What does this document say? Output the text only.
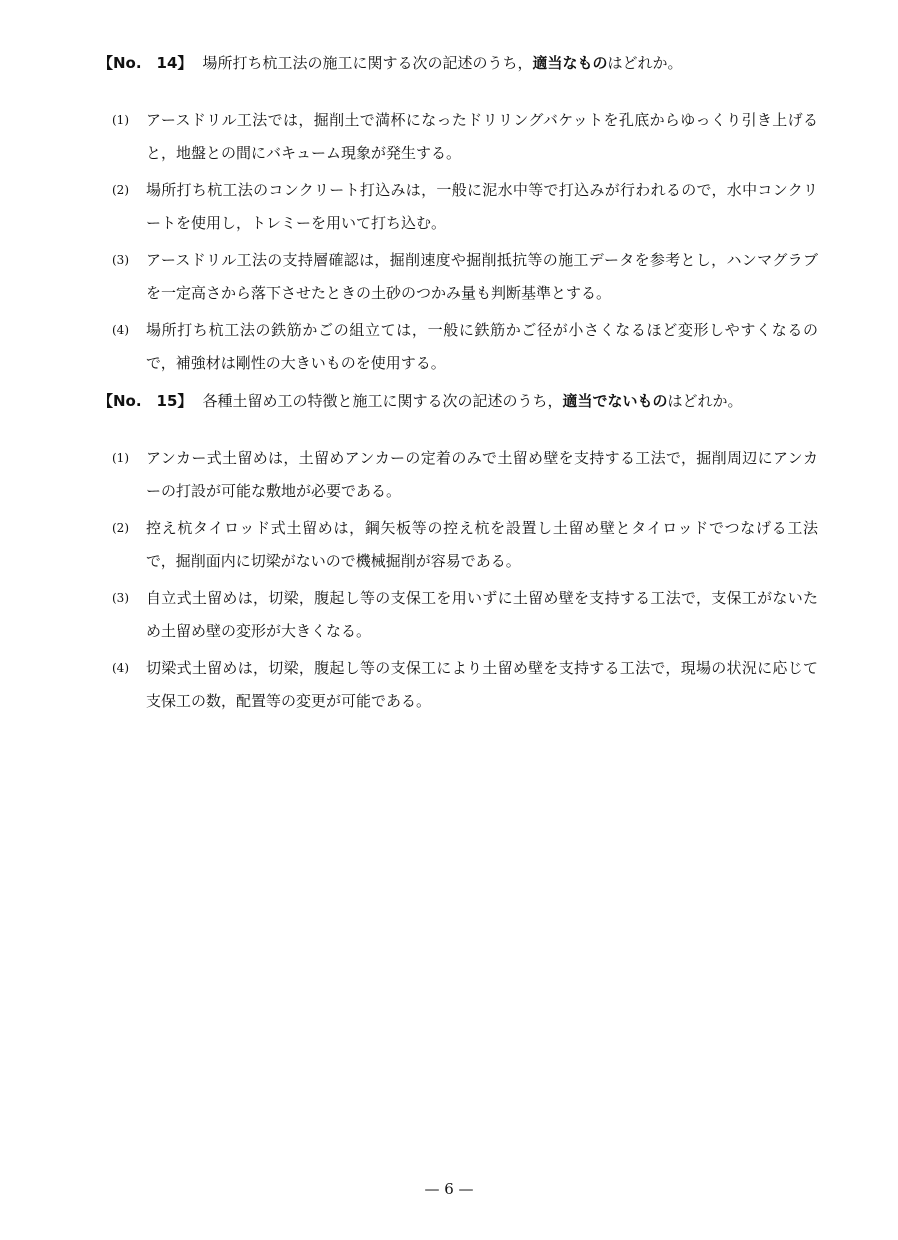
【No.　14】 場所打ち杭工法の施工に関する次の記述のうち，適当なものはどれか。
(1) アースドリル工法では，掘削土で満杯になったドリリングバケットを孔底からゆっくり引き上げると，地盤との間にバキューム現象が発生する。
(2) 場所打ち杭工法のコンクリート打込みは，一般に泥水中等で打込みが行われるので，水中コンクリートを使用し，トレミーを用いて打ち込む。
(3) アースドリル工法の支持層確認は，掘削速度や掘削抵抗等の施工データを参考とし，ハンマグラブを一定高さから落下させたときの土砂のつかみ量も判断基準とする。
(4) 場所打ち杭工法の鉄筋かごの組立ては，一般に鉄筋かご径が小さくなるほど変形しやすくなるので，補強材は剛性の大きいものを使用する。
【No.　15】 各種土留め工の特徴と施工に関する次の記述のうち，適当でないものはどれか。
(1) アンカー式土留めは，土留めアンカーの定着のみで土留め壁を支持する工法で，掘削周辺にアンカーの打設が可能な敷地が必要である。
(2) 控え杭タイロッド式土留めは，鋼矢板等の控え杭を設置し土留め壁とタイロッドでつなげる工法で，掘削面内に切梁がないので機械掘削が容易である。
(3) 自立式土留めは，切梁，腹起し等の支保工を用いずに土留め壁を支持する工法で，支保工がないため土留め壁の変形が大きくなる。
(4) 切梁式土留めは，切梁，腹起し等の支保工により土留め壁を支持する工法で，現場の状況に応じて支保工の数，配置等の変更が可能である。
— 6 —
